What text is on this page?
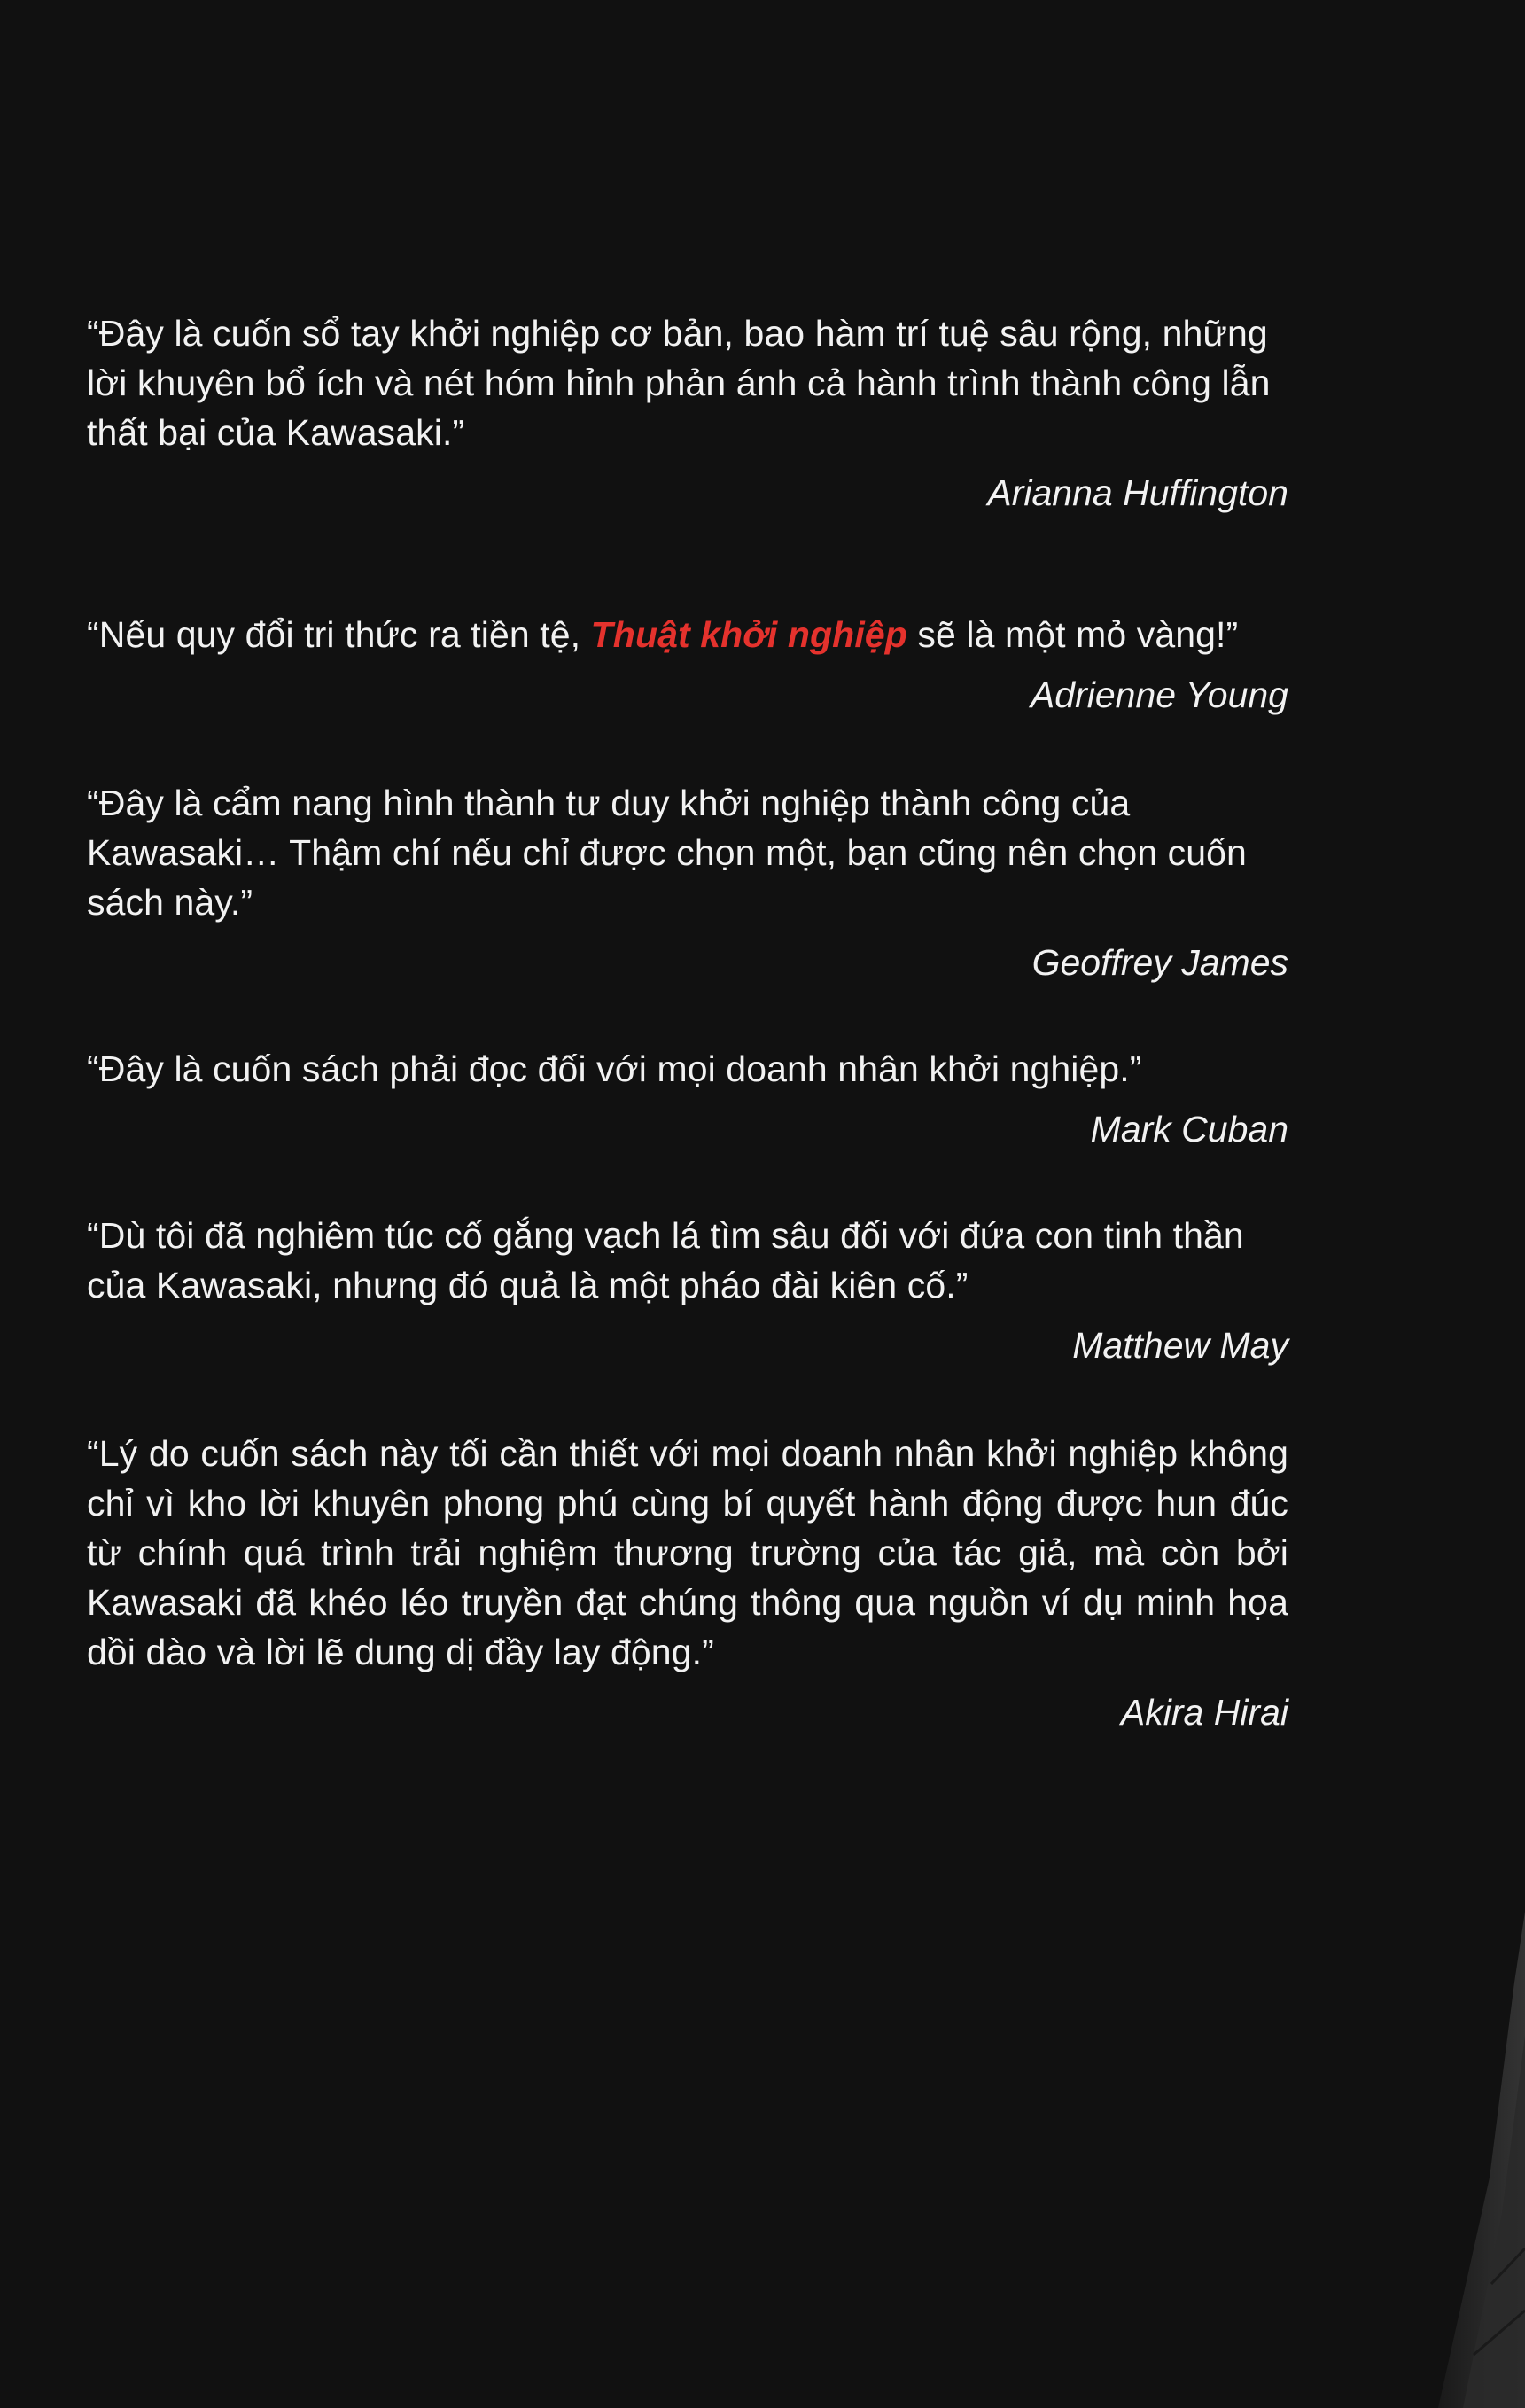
“Đây là cuốn sổ tay khởi nghiệp cơ bản, bao hàm trí tuệ sâu rộng, những lời khuyên bổ ích và nét hóm hỉnh phản ánh cả hành trình thành công lẫn thất bại của Kawasaki.”

Arianna Huffington

“Nếu quy đổi tri thức ra tiền tệ, Thuật khởi nghiệp sẽ là một mỏ vàng!”

Adrienne Young

“Đây là cẩm nang hình thành tư duy khởi nghiệp thành công của Kawasaki… Thậm chí nếu chỉ được chọn một, bạn cũng nên chọn cuốn sách này.”

Geoffrey James

“Đây là cuốn sách phải đọc đối với mọi doanh nhân khởi nghiệp.”

Mark Cuban

“Dù tôi đã nghiêm túc cố gắng vạch lá tìm sâu đối với đứa con tinh thần của Kawasaki, nhưng đó quả là một pháo đài kiên cố.”

Matthew May

“Lý do cuốn sách này tối cần thiết với mọi doanh nhân khởi nghiệp không chỉ vì kho lời khuyên phong phú cùng bí quyết hành động được hun đúc từ chính quá trình trải nghiệm thương trường của tác giả, mà còn bởi Kawasaki đã khéo léo truyền đạt chúng thông qua nguồn ví dụ minh họa dồi dào và lời lẽ dung dị đầy lay động.”

Akira Hirai
